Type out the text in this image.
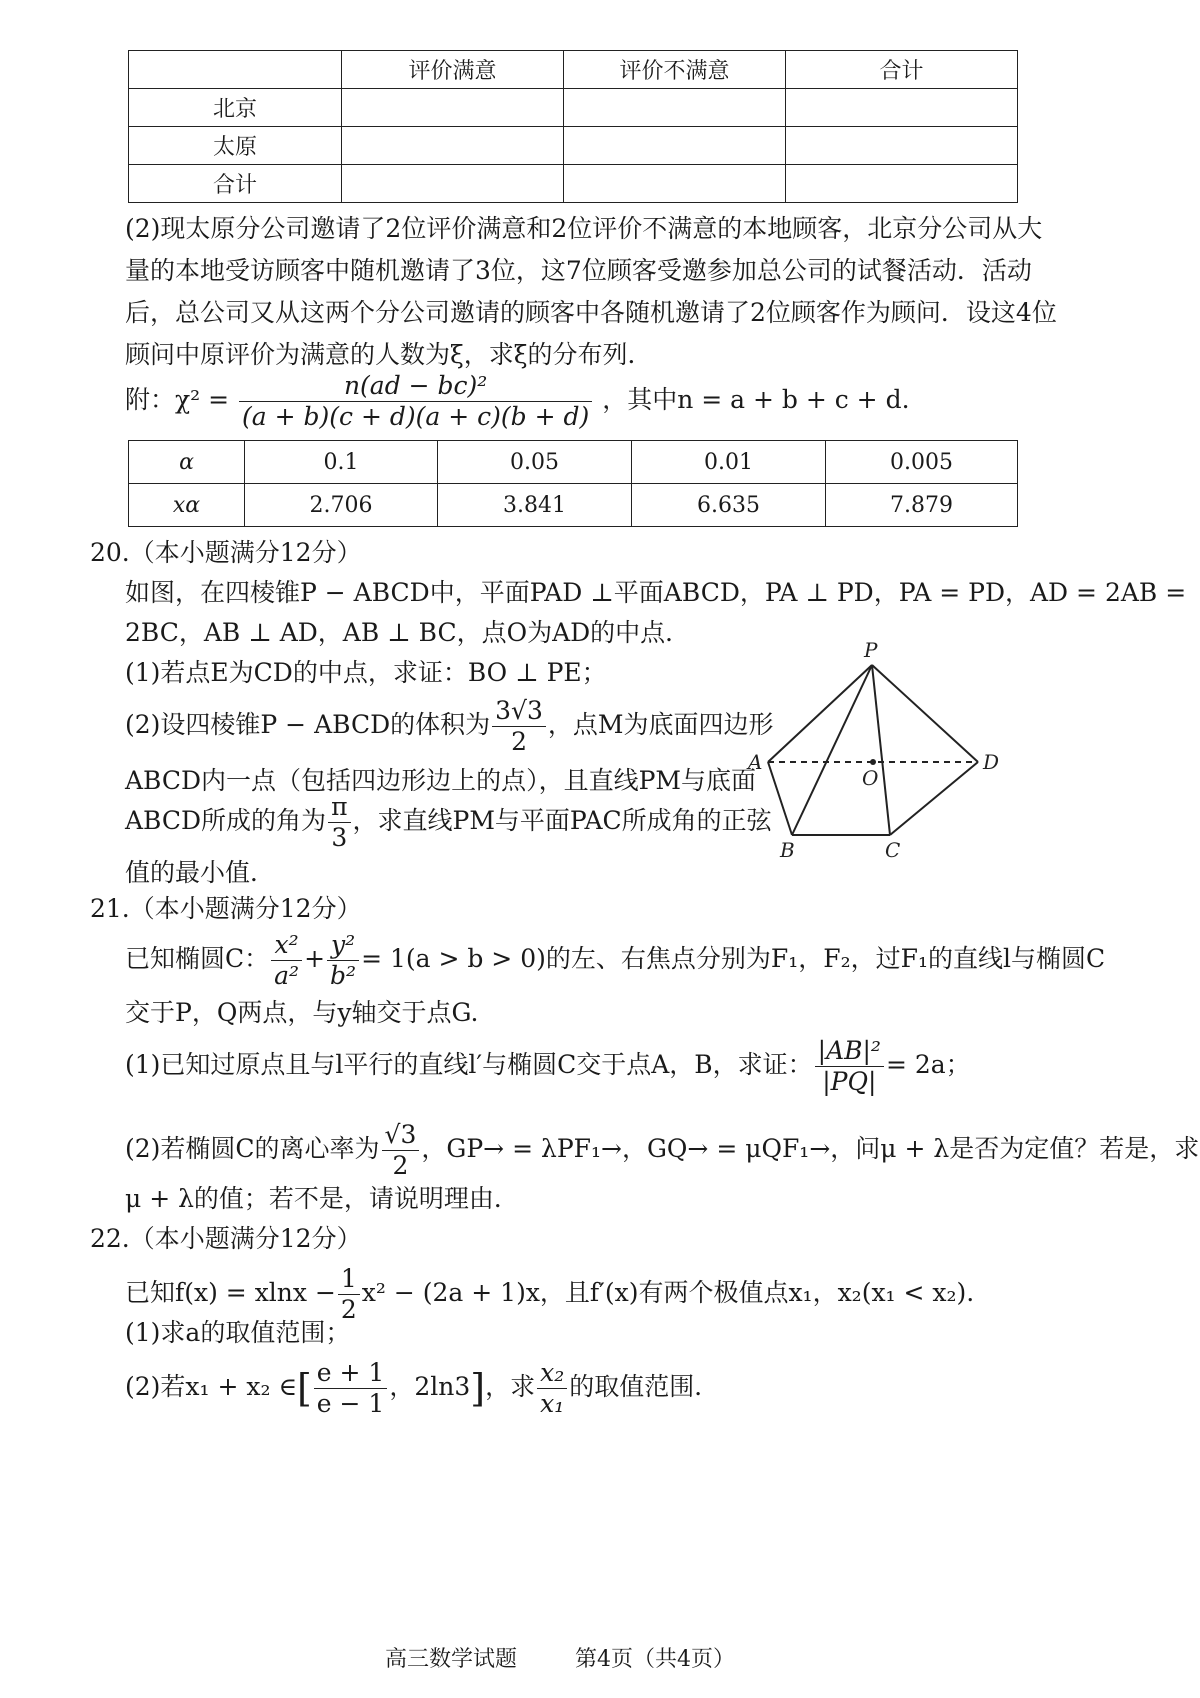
	评价满意	评价不满意	合计
北京			
太原			
合计			
(2)现太原分公司邀请了2位评价满意和2位评价不满意的本地顾客，北京分公司从大
量的本地受访顾客中随机邀请了3位，这7位顾客受邀参加总公司的试餐活动．活动
后，总公司又从这两个分公司邀请的顾客中各随机邀请了2位顾客作为顾问．设这4位
顾问中原评价为满意的人数为ξ，求ξ的分布列．
附：$\chi^2 = \frac{\text{n(ad − bc)²}}{(a + b)(c + d)(a + c)(b + d)}$ ，其中n = a + b + c + d.
α	0.1	0.05	0.01	0.005
xα	2.706	3.841	6.635	7.879
20.（本小题满分12分）
如图，在四棱锥P − ABCD中，平面PAD ⊥平面ABCD，PA ⊥ PD，PA = PD，AD = 2AB =
2BC，AB ⊥ AD，AB ⊥ BC，点O为AD的中点．
(1)若点E为CD的中点，求证：BO ⊥ PE；
(2)设四棱锥P − ABCD的体积为 $\frac{3√3}{2}$ ，点M为底面四边形
ABCD内一点（包括四边形边上的点），且直线PM与底面
ABCD所成的角为 $\frac{\pi}{3}$ ，求直线PM与平面PAC所成角的正弦
值的最小值．
P
A
O
D
B	C
21.（本小题满分12分）
已知椭圆C： $\frac{\text{x²}}{\text{a²}} + \frac{\text{y²}}{\text{b²}} = 1(a > b > 0)$的左、右焦点分别为F₁，F₂，过F₁的直线l与椭圆C
交于P，Q两点，与y轴交于点G.
(1)已知过原点且与l平行的直线l′与椭圆C交于点A，B，求证： $\frac{\text{|AB|²}}{|PQ|} = 2a$；
(2)若椭圆C的离心率为 $\frac{√3}{2}$ ，GP→ = λPF₁→，GQ→ = μQF₁→，问μ + λ是否为定值？若是，求
μ + λ的值；若不是，请说明理由．
22.（本小题满分12分）
已知$f(x) = xlnx - \frac{1}{2} x^2 - (2a + 1)x$，且f′(x)有两个极值点x₁，x₂(x₁ < x₂).
(1)求a的取值范围；
(2)若x₁ + x₂ ∈[ $\frac{e + 1}{e - 1}$ ，2ln3]，求 $\frac{\text{x₂}}{\text{x₁}}$ 的取值范围．
高三数学试题	第4页（共4页）
